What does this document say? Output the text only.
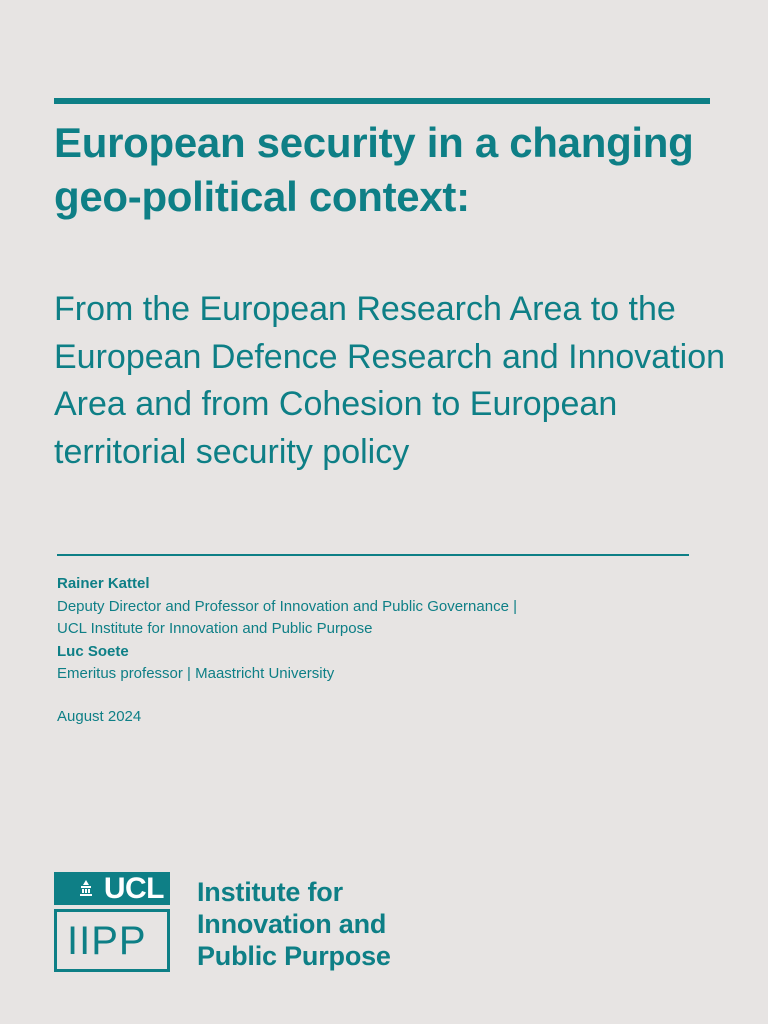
European security in a changing geo-political context:
From the European Research Area to the European Defence Research and Innovation Area and from Cohesion to European territorial security policy
Rainer Kattel
Deputy Director and Professor of Innovation and Public Governance |
UCL Institute for Innovation and Public Purpose
Luc Soete
Emeritus professor | Maastricht University
August 2024
UCL
IIPP
Institute for
Innovation and
Public Purpose
